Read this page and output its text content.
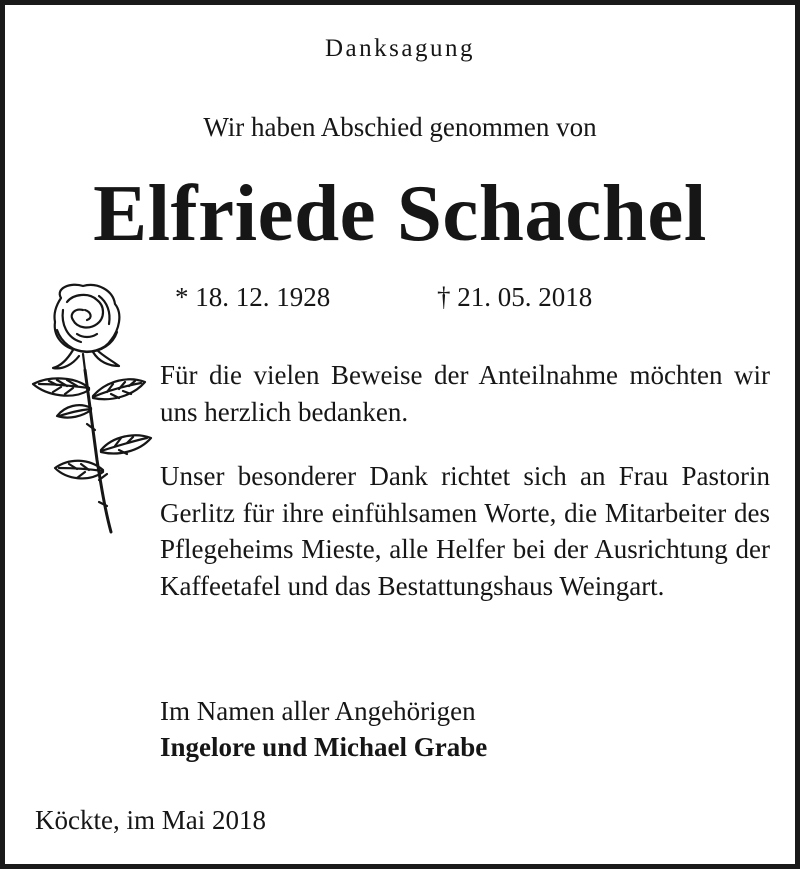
Danksagung
Wir haben Abschied genommen von
Elfriede Schachel
* 18. 12. 1928	† 21. 05. 2018
Für die vielen Beweise der Anteilnahme möchten wir uns herzlich bedanken.
Unser besonderer Dank richtet sich an Frau Pastorin Gerlitz für ihre einfühlsamen Worte, die Mitarbeiter des Pflegeheims Mieste, alle Helfer bei der Ausrichtung der Kaffeetafel und das Bestattungshaus Weingart.
Im Namen aller Angehörigen
Ingelore und Michael Grabe
Köckte, im Mai 2018
